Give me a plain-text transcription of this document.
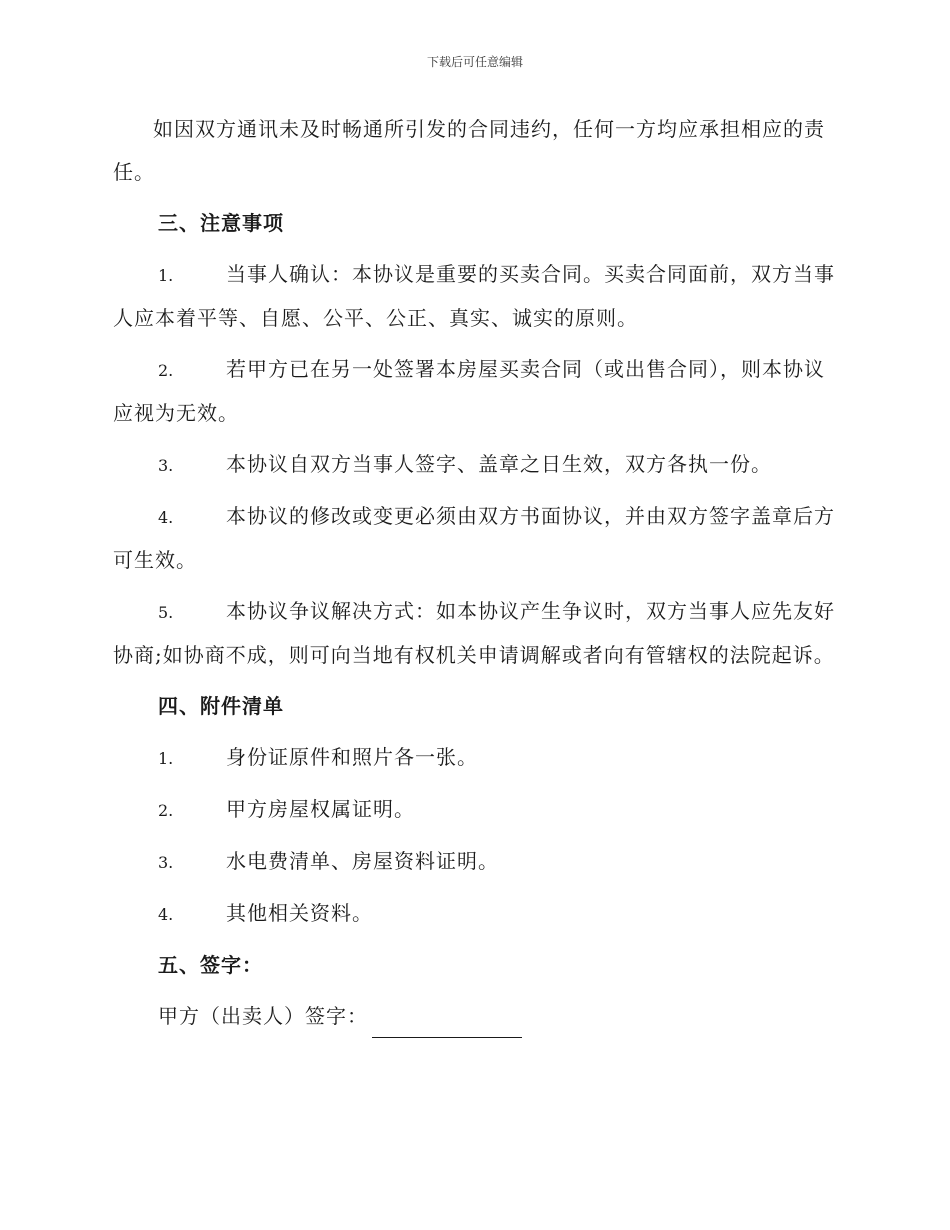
下载后可任意编辑

如因双方通讯未及时畅通所引发的合同违约，任何一方均应承担相应的责任。

三、注意事项
1.	当事人确认：本协议是重要的买卖合同。买卖合同面前，双方当事人应本着平等、自愿、公平、公正、真实、诚实的原则。
2.	若甲方已在另一处签署本房屋买卖合同（或出售合同），则本协议应视为无效。
3.	本协议自双方当事人签字、盖章之日生效，双方各执一份。
4.	本协议的修改或变更必须由双方书面协议，并由双方签字盖章后方可生效。
5.	本协议争议解决方式：如本协议产生争议时，双方当事人应先友好协商;如协商不成，则可向当地有权机关申请调解或者向有管辖权的法院起诉。
四、附件清单
1.	身份证原件和照片各一张。
2.	甲方房屋权属证明。
3.	水电费清单、房屋资料证明。
4.	其他相关资料。
五、签字：
甲方（出卖人）签字：
